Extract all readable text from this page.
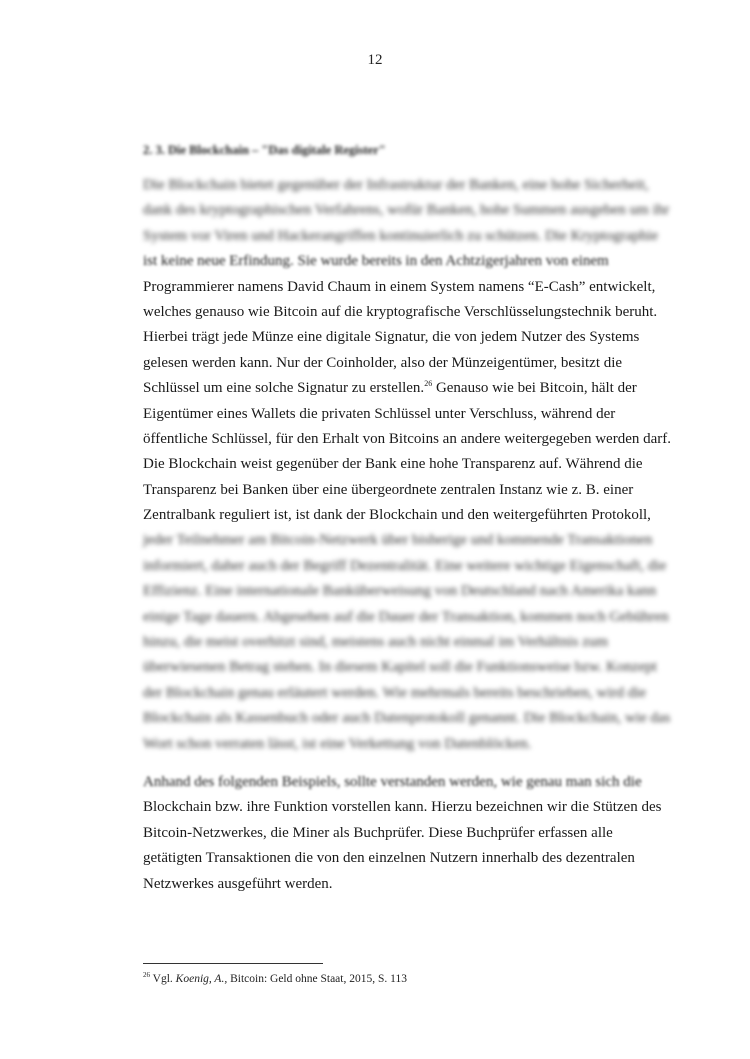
12
2. 3. Die Blockchain – "Das digitale Register"
Die Blockchain bietet gegenüber der Infrastruktur der Banken, eine hohe Sicherheit,
dank des kryptographischen Verfahrens, wofür Banken, hohe Summen ausgeben um ihr
System vor Viren und Hackerangriffen kontinuierlich zu schützen. Die Kryptographie
ist keine neue Erfindung. Sie wurde bereits in den Achtzigerjahren von einem
Programmierer namens David Chaum in einem System namens “E-Cash” entwickelt,
welches genauso wie Bitcoin auf die kryptografische Verschlüsselungstechnik beruht.
Hierbei trägt jede Münze eine digitale Signatur, die von jedem Nutzer des Systems
gelesen werden kann. Nur der Coinholder, also der Münzeigentümer, besitzt die
Schlüssel um eine solche Signatur zu erstellen.$^{26}$ Genauso wie bei Bitcoin, hält der
Eigentümer eines Wallets die privaten Schlüssel unter Verschluss, während der
öffentliche Schlüssel, für den Erhalt von Bitcoins an andere weitergegeben werden darf.
Die Blockchain weist gegenüber der Bank eine hohe Transparenz auf. Während die
Transparenz bei Banken über eine übergeordnete zentralen Instanz wie z. B. einer
Zentralbank reguliert ist, ist dank der Blockchain und den weitergeführten Protokoll,
jeder Teilnehmer am Bitcoin-Netzwerk über bisherige und kommende Transaktionen
informiert, daher auch der Begriff Dezentralität. Eine weitere wichtige Eigenschaft, die
Effizienz. Eine internationale Banküberweisung von Deutschland nach Amerika kann
einige Tage dauern. Abgesehen auf die Dauer der Transaktion, kommen noch Gebühren
hinzu, die meist overhitzt sind, meistens auch nicht einmal im Verhältnis zum
überwiesenen Betrag stehen. In diesem Kapitel soll die Funktionsweise bzw. Konzept
der Blockchain genau erläutert werden. Wie mehrmals bereits beschrieben, wird die
Blockchain als Kassenbuch oder auch Datenprotokoll genannt. Die Blockchain, wie das
Wort schon verraten lässt, ist eine Verkettung von Datenblöcken.
Anhand des folgenden Beispiels, sollte verstanden werden, wie genau man sich die
Blockchain bzw. ihre Funktion vorstellen kann. Hierzu bezeichnen wir die Stützen des
Bitcoin-Netzwerkes, die Miner als Buchprüfer. Diese Buchprüfer erfassen alle
getätigten Transaktionen die von den einzelnen Nutzern innerhalb des dezentralen
Netzwerkes ausgeführt werden.
$^{26}$ Vgl. Koenig, A., Bitcoin: Geld ohne Staat, 2015, S. 113
